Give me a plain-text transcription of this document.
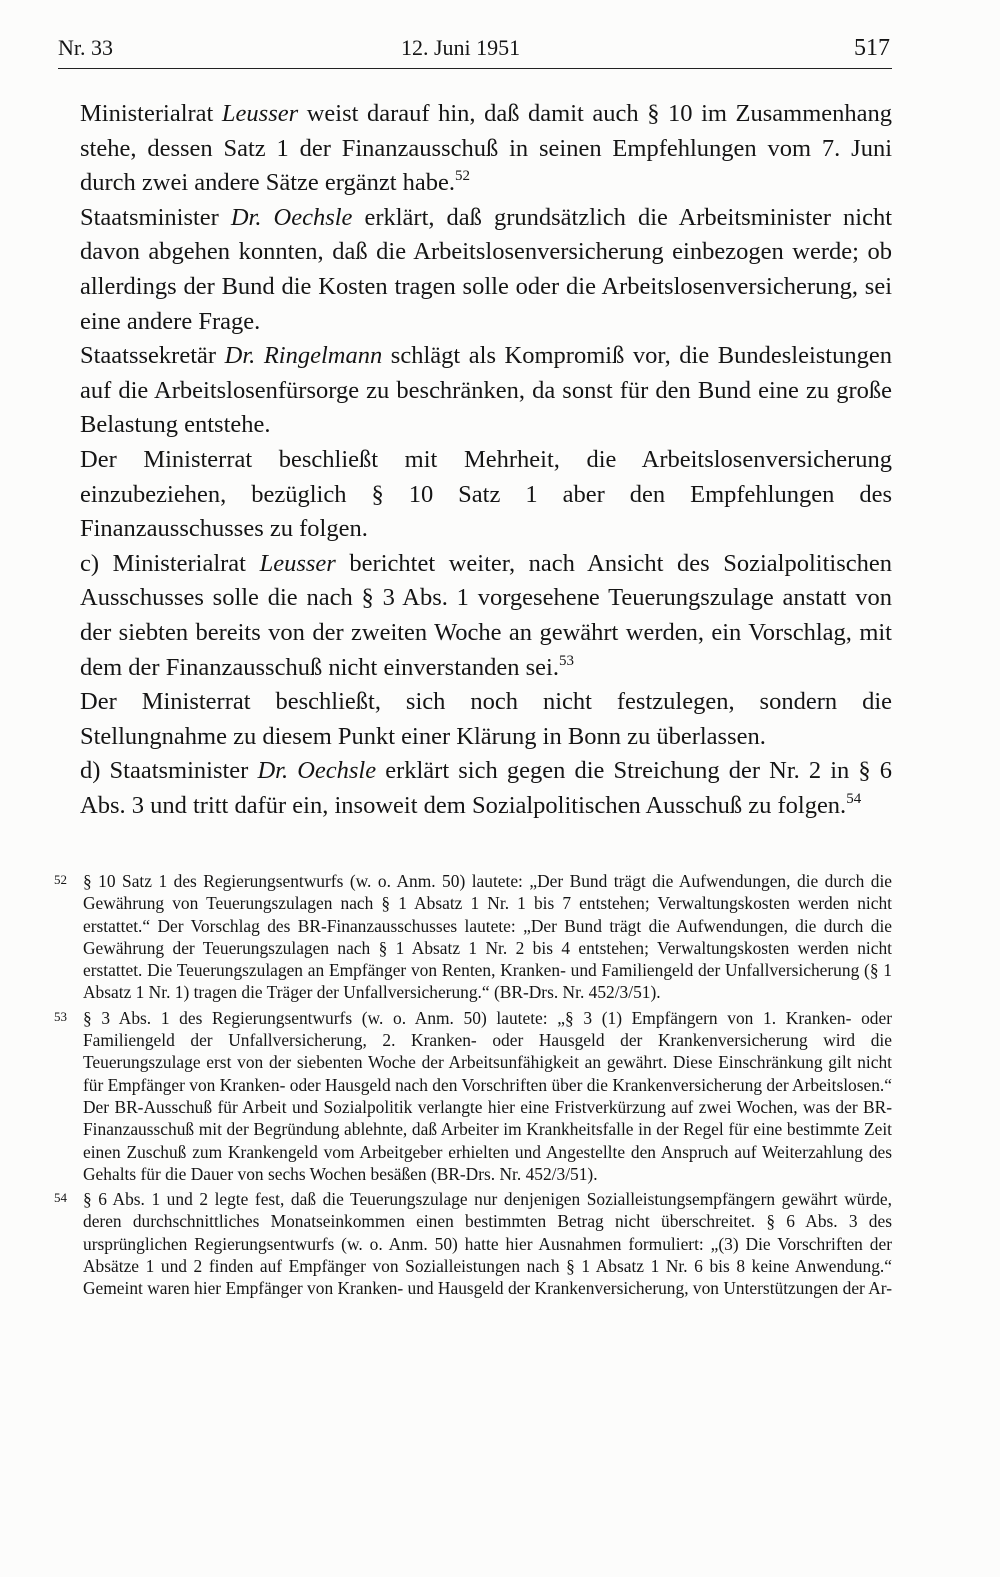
Nr. 33	12. Juni 1951	517

Ministerialrat Leusser weist darauf hin, daß damit auch § 10 im Zusammenhang stehe, dessen Satz 1 der Finanzausschuß in seinen Empfehlungen vom 7. Juni durch zwei andere Sätze ergänzt habe.$^{52}$

Staatsminister Dr. Oechsle erklärt, daß grundsätzlich die Arbeitsminister nicht davon abgehen konnten, daß die Arbeitslosenversicherung einbezogen werde; ob allerdings der Bund die Kosten tragen solle oder die Arbeitslosenversicherung, sei eine andere Frage.

Staatssekretär Dr. Ringelmann schlägt als Kompromiß vor, die Bundesleistungen auf die Arbeitslosenfürsorge zu beschränken, da sonst für den Bund eine zu große Belastung entstehe.

Der Ministerrat beschließt mit Mehrheit, die Arbeitslosenversicherung einzubeziehen, bezüglich § 10 Satz 1 aber den Empfehlungen des Finanzausschusses zu folgen.

c) Ministerialrat Leusser berichtet weiter, nach Ansicht des Sozialpolitischen Ausschusses solle die nach § 3 Abs. 1 vorgesehene Teuerungszulage anstatt von der siebten bereits von der zweiten Woche an gewährt werden, ein Vorschlag, mit dem der Finanzausschuß nicht einverstanden sei.$^{53}$

Der Ministerrat beschließt, sich noch nicht festzulegen, sondern die Stellungnahme zu diesem Punkt einer Klärung in Bonn zu überlassen.

d) Staatsminister Dr. Oechsle erklärt sich gegen die Streichung der Nr. 2 in § 6 Abs. 3 und tritt dafür ein, insoweit dem Sozialpolitischen Ausschuß zu folgen.$^{54}$

52 § 10 Satz 1 des Regierungsentwurfs (w. o. Anm. 50) lautete: „Der Bund trägt die Aufwendungen, die durch die Gewährung von Teuerungszulagen nach § 1 Absatz 1 Nr. 1 bis 7 entstehen; Verwaltungskosten werden nicht erstattet.“ Der Vorschlag des BR-Finanzausschusses lautete: „Der Bund trägt die Aufwendungen, die durch die Gewährung der Teuerungszulagen nach § 1 Absatz 1 Nr. 2 bis 4 entstehen; Verwaltungskosten werden nicht erstattet. Die Teuerungszulagen an Empfänger von Renten, Kranken- und Familiengeld der Unfallversicherung (§ 1 Absatz 1 Nr. 1) tragen die Träger der Unfallversicherung.“ (BR-Drs. Nr. 452/3/51).
53 § 3 Abs. 1 des Regierungsentwurfs (w. o. Anm. 50) lautete: „§ 3 (1) Empfängern von 1. Kranken- oder Familiengeld der Unfallversicherung, 2. Kranken- oder Hausgeld der Krankenversicherung wird die Teuerungszulage erst von der siebenten Woche der Arbeitsunfähigkeit an gewährt. Diese Einschränkung gilt nicht für Empfänger von Kranken- oder Hausgeld nach den Vorschriften über die Krankenversicherung der Arbeitslosen.“ Der BR-Ausschuß für Arbeit und Sozialpolitik verlangte hier eine Fristverkürzung auf zwei Wochen, was der BR-Finanzausschuß mit der Begründung ablehnte, daß Arbeiter im Krankheitsfalle in der Regel für eine bestimmte Zeit einen Zuschuß zum Krankengeld vom Arbeitgeber erhielten und Angestellte den Anspruch auf Weiterzahlung des Gehalts für die Dauer von sechs Wochen besäßen (BR-Drs. Nr. 452/3/51).
54 § 6 Abs. 1 und 2 legte fest, daß die Teuerungszulage nur denjenigen Sozialleistungsempfängern gewährt würde, deren durchschnittliches Monatseinkommen einen bestimmten Betrag nicht überschreitet. § 6 Abs. 3 des ursprünglichen Regierungsentwurfs (w. o. Anm. 50) hatte hier Ausnahmen formuliert: „(3) Die Vorschriften der Absätze 1 und 2 finden auf Empfänger von Sozialleistungen nach § 1 Absatz 1 Nr. 6 bis 8 keine Anwendung.“ Gemeint waren hier Empfänger von Kranken- und Hausgeld der Krankenversicherung, von Unterstützungen der Ar-
